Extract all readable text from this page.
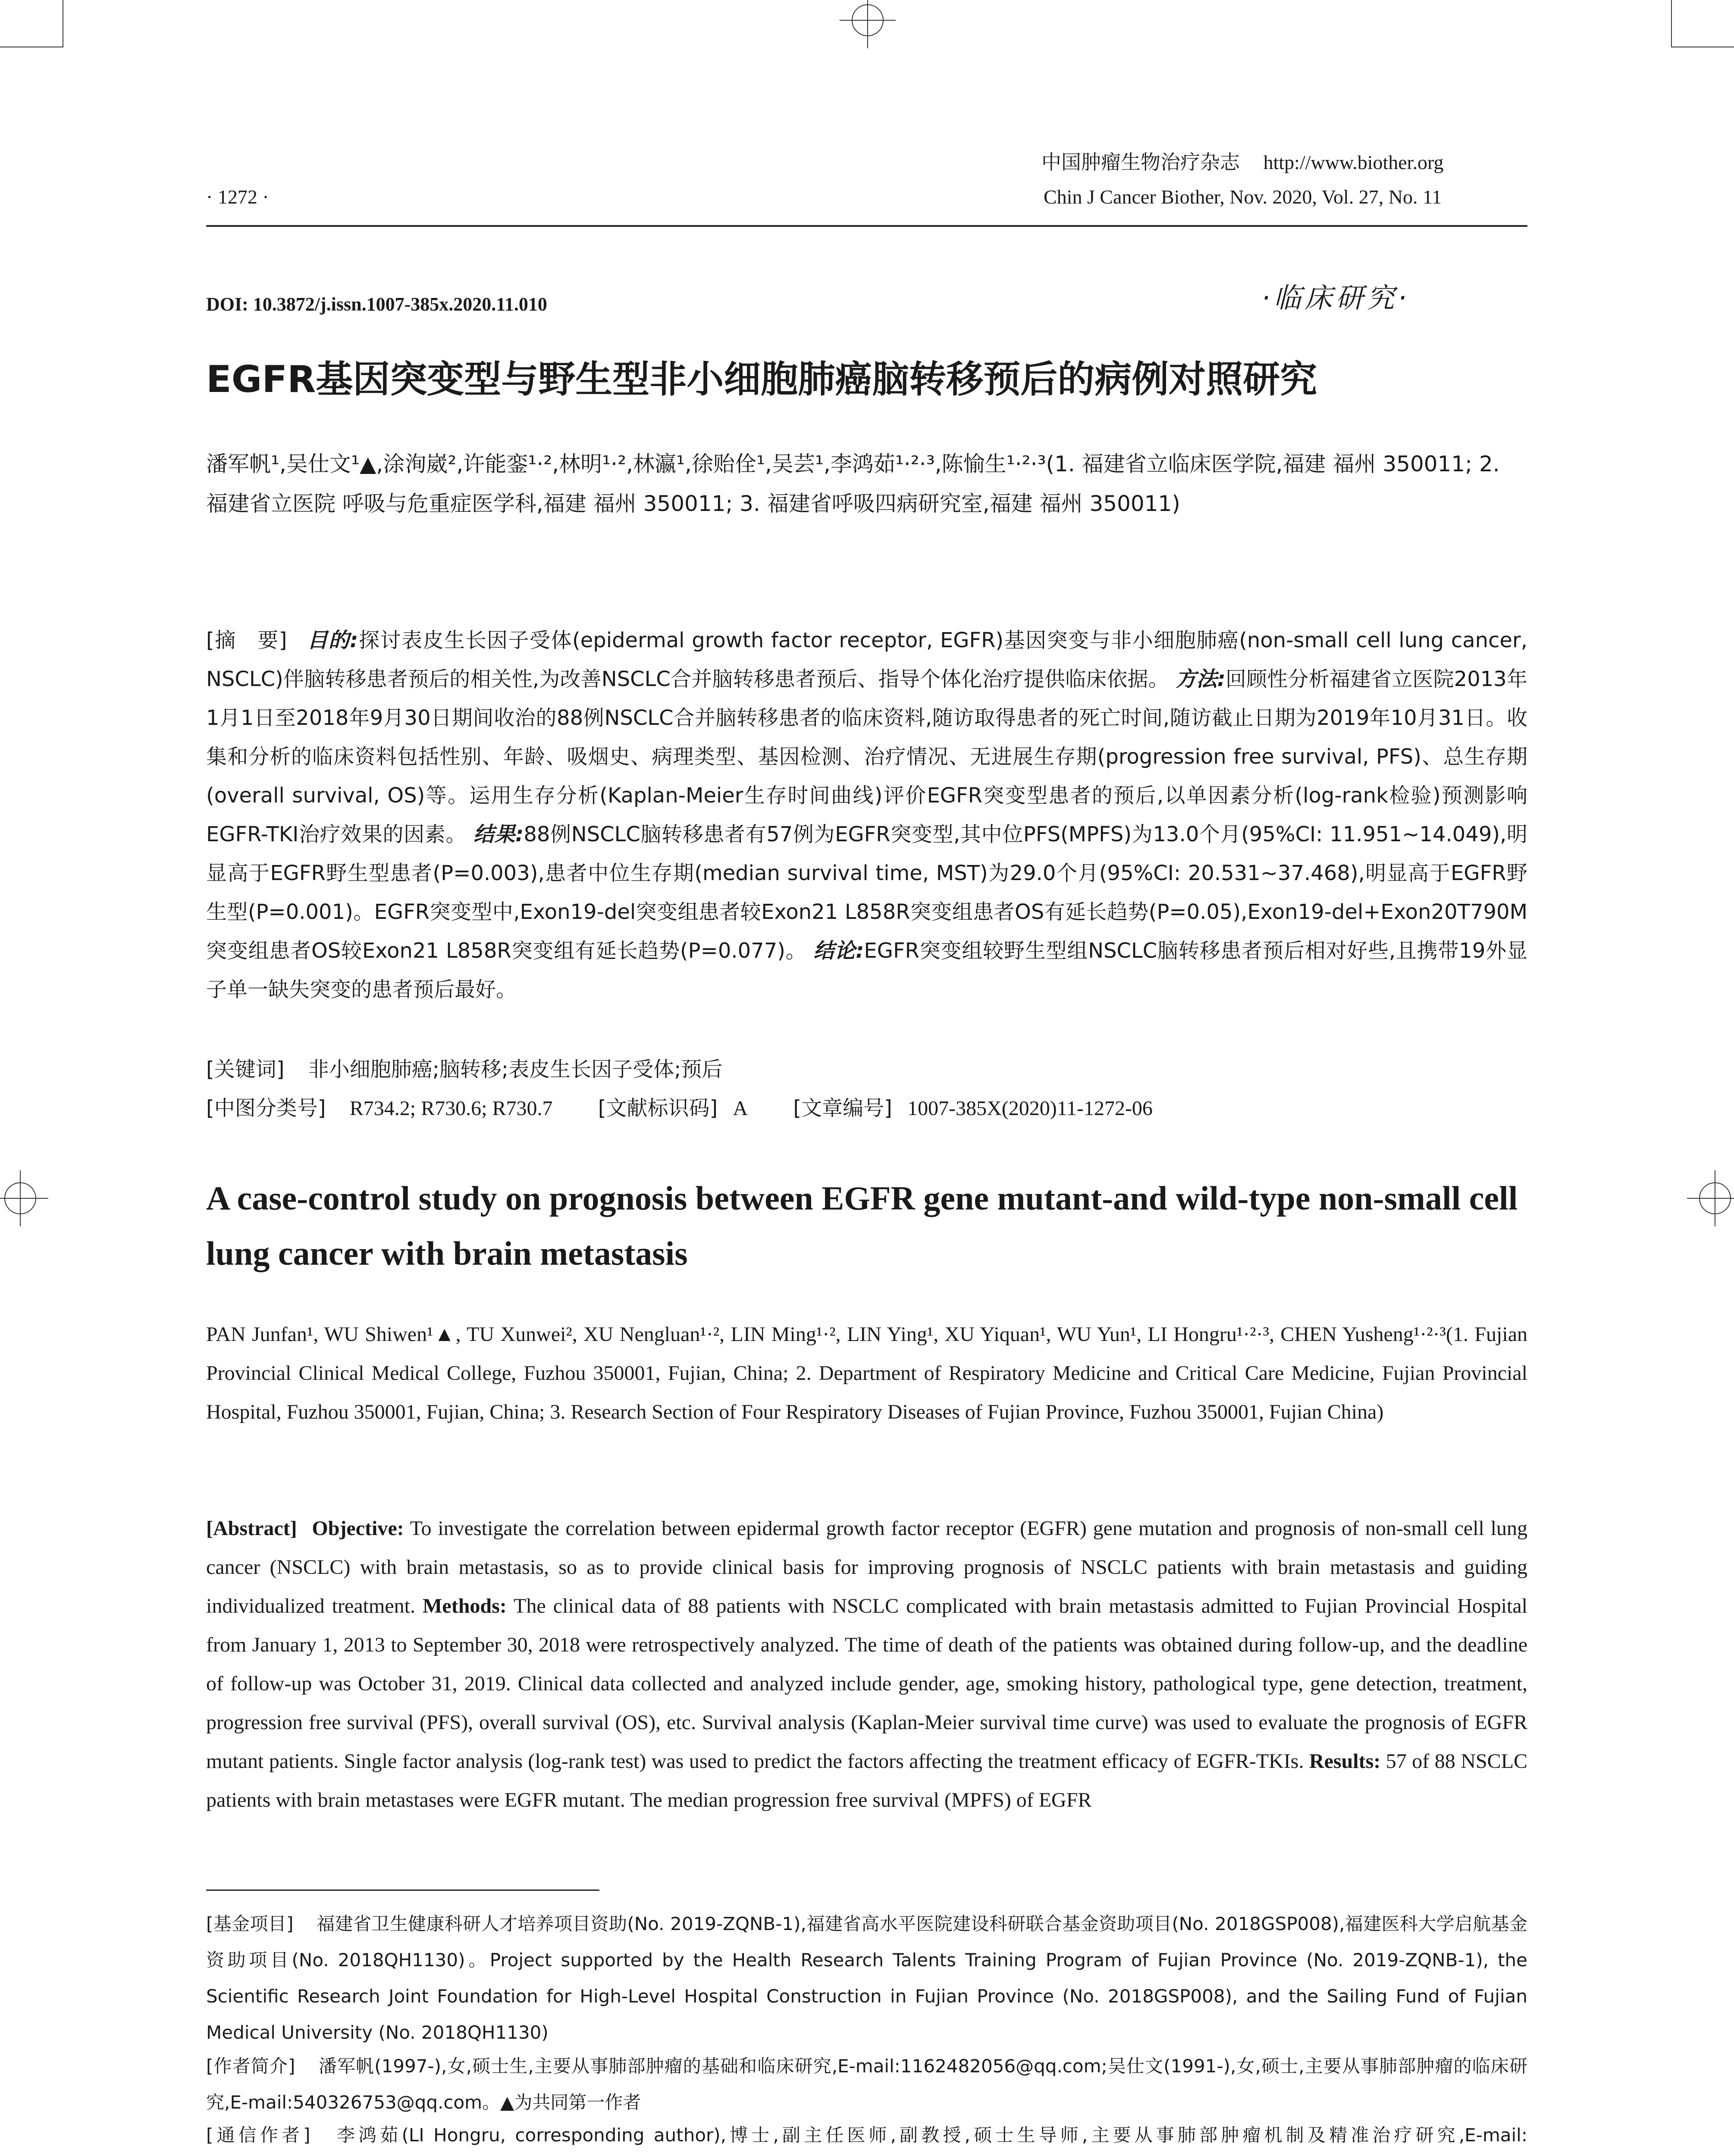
中国肿瘤生物治疗杂志 http://www.biother.org
· 1272 ·	Chin J Cancer Biother, Nov. 2020, Vol. 27, No. 11
DOI: 10.3872/j.issn.1007-385x.2020.11.010	·临床研究·
EGFR基因突变型与野生型非小细胞肺癌脑转移预后的病例对照研究
潘军帆¹,吴仕文¹▲,涂洵崴²,许能銮¹·²,林明¹·²,林瀛¹,徐贻佺¹,吴芸¹,李鸿茹¹·²·³,陈愉生¹·²·³(1. 福建省立临床医学院,福建 福州 350011; 2. 福建省立医院 呼吸与危重症医学科,福建 福州 350011; 3. 福建省呼吸四病研究室,福建 福州 350011)
[摘　要] 目的:探讨表皮生长因子受体(epidermal growth factor receptor, EGFR)基因突变与非小细胞肺癌(non-small cell lung cancer, NSCLC)伴脑转移患者预后的相关性,为改善NSCLC合并脑转移患者预后、指导个体化治疗提供临床依据。 方法:回顾性分析福建省立医院2013年1月1日至2018年9月30日期间收治的88例NSCLC合并脑转移患者的临床资料,随访取得患者的死亡时间,随访截止日期为2019年10月31日。收集和分析的临床资料包括性别、年龄、吸烟史、病理类型、基因检测、治疗情况、无进展生存期(progression free survival, PFS)、总生存期(overall survival, OS)等。运用生存分析(Kaplan-Meier生存时间曲线)评价EGFR突变型患者的预后,以单因素分析(log-rank检验)预测影响EGFR-TKI治疗效果的因素。 结果:88例NSCLC脑转移患者有57例为EGFR突变型,其中位PFS(MPFS)为13.0个月(95%CI: 11.951~14.049),明显高于EGFR野生型患者(P=0.003),患者中位生存期(median survival time, MST)为29.0个月(95%CI: 20.531~37.468),明显高于EGFR野生型(P=0.001)。EGFR突变型中,Exon19-del突变组患者较Exon21 L858R突变组患者OS有延长趋势(P=0.05),Exon19-del+Exon20T790M突变组患者OS较Exon21 L858R突变组有延长趋势(P=0.077)。 结论:EGFR突变组较野生型组NSCLC脑转移患者预后相对好些,且携带19外显子单一缺失突变的患者预后最好。
[关键词] 非小细胞肺癌;脑转移;表皮生长因子受体;预后
[中图分类号] R734.2; R730.6; R730.7 [文献标识码] A [文章编号] 1007-385X(2020)11-1272-06
A case-control study on prognosis between EGFR gene mutant-and wild-type non-small cell lung cancer with brain metastasis
PAN Junfan¹, WU Shiwen¹▲, TU Xunwei², XU Nengluan¹·², LIN Ming¹·², LIN Ying¹, XU Yiquan¹, WU Yun¹, LI Hongru¹·²·³, CHEN Yusheng¹·²·³(1. Fujian Provincial Clinical Medical College, Fuzhou 350001, Fujian, China; 2. Department of Respiratory Medicine and Critical Care Medicine, Fujian Provincial Hospital, Fuzhou 350001, Fujian, China; 3. Research Section of Four Respiratory Diseases of Fujian Province, Fuzhou 350001, Fujian China)
[Abstract] Objective: To investigate the correlation between epidermal growth factor receptor (EGFR) gene mutation and prognosis of non-small cell lung cancer (NSCLC) with brain metastasis, so as to provide clinical basis for improving prognosis of NSCLC patients with brain metastasis and guiding individualized treatment. Methods: The clinical data of 88 patients with NSCLC complicated with brain metastasis admitted to Fujian Provincial Hospital from January 1, 2013 to September 30, 2018 were retrospectively analyzed. The time of death of the patients was obtained during follow-up, and the deadline of follow-up was October 31, 2019. Clinical data collected and analyzed include gender, age, smoking history, pathological type, gene detection, treatment, progression free survival (PFS), overall survival (OS), etc. Survival analysis (Kaplan-Meier survival time curve) was used to evaluate the prognosis of EGFR mutant patients. Single factor analysis (log-rank test) was used to predict the factors affecting the treatment efficacy of EGFR-TKIs. Results: 57 of 88 NSCLC patients with brain metastases were EGFR mutant. The median progression free survival (MPFS) of EGFR
[基金项目] 福建省卫生健康科研人才培养项目资助(No. 2019-ZQNB-1),福建省高水平医院建设科研联合基金资助项目(No. 2018GSP008),福建医科大学启航基金资助项目(No. 2018QH1130)。Project supported by the Health Research Talents Training Program of Fujian Province (No. 2019-ZQNB-1), the Scientific Research Joint Foundation for High-Level Hospital Construction in Fujian Province (No. 2018GSP008), and the Sailing Fund of Fujian Medical University (No. 2018QH1130)
[作者简介] 潘军帆(1997-),女,硕士生,主要从事肺部肿瘤的基础和临床研究,E-mail:1162482056@qq.com;吴仕文(1991-),女,硕士,主要从事肺部肿瘤的临床研究,E-mail:540326753@qq.com。▲为共同第一作者
[通信作者] 李鸿茹(LI Hongru, corresponding author),博士,副主任医师,副教授,硕士生导师,主要从事肺部肿瘤机制及精准治疗研究,E-mail:
